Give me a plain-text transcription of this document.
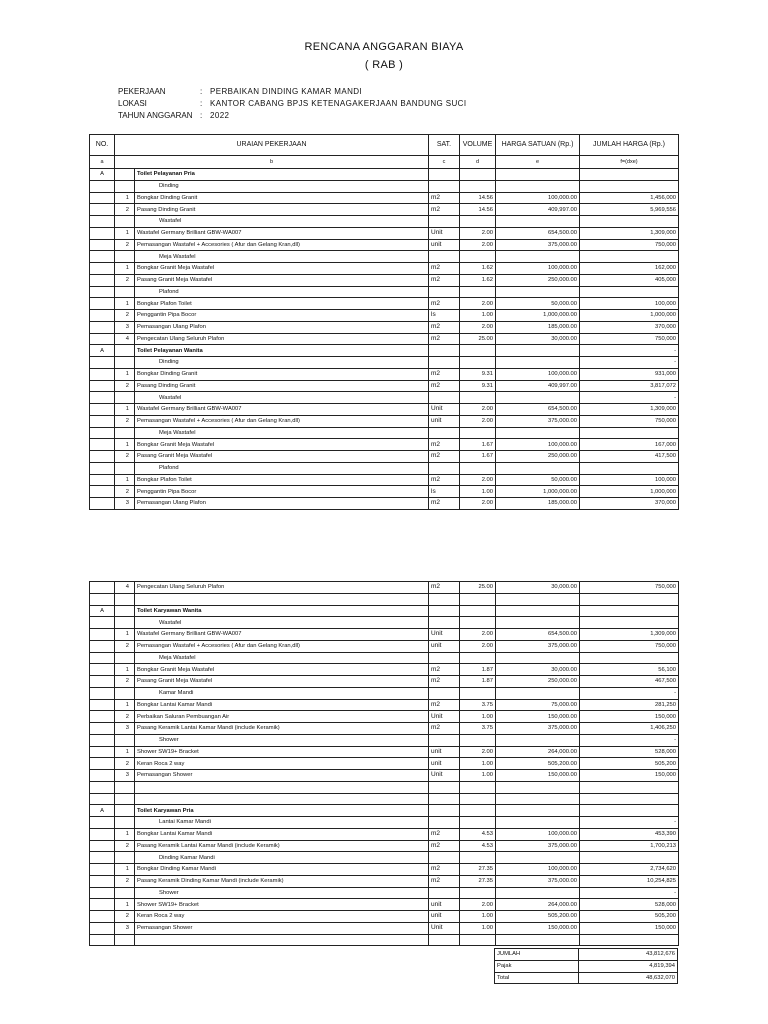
RENCANA ANGGARAN BIAYA
( RAB )
PEKERJAAN	: PERBAIKAN DINDING KAMAR MANDI
LOKASI	: KANTOR CABANG BPJS KETENAGAKERJAAN BANDUNG SUCI
TAHUN ANGGARAN : 2022
NO.	URAIAN PEKERJAAN		SAT.	VOLUME	HARGA SATUAN (Rp.)	JUMLAH HARGA (Rp.)
a	b		c	d	e	f=(dxe)
A		Toilet Pelayanan Pria				
		Dinding				
	1	Bongkar Dinding Granit	m2	14.56	100,000.00	1,456,000
	2	Pasang Dinding Granit	m2	14.56	409,997.00	5,969,556
		Wastafel				
	1	Wastafel Germany Brilliant GBW-WA007	Unit	2.00	654,500.00	1,309,000
	2	Pemasangan Wastafel + Accesories ( Afur dan Gelang Kran,dll)	unit	2.00	375,000.00	750,000
		Meja Wastafel				
	1	Bongkar Granit Meja Wastafel	m2	1.62	100,000.00	162,000
	2	Pasang Granit Meja Wastafel	m2	1.62	250,000.00	405,000
		Plafond				
	1	Bongkar Plafon Toilet	m2	2.00	50,000.00	100,000
	2	Penggantin Pipa Bocor	ls	1.00	1,000,000.00	1,000,000
	3	Pemasangan Ulang Plafon	m2	2.00	185,000.00	370,000
	4	Pengecatan Ulang Seluruh Plafon	m2	25.00	30,000.00	750,000
A		Toilet Pelayanan Wanita				-
		Dinding				-
	1	Bongkar Dinding Granit	m2	9.31	100,000.00	931,000
	2	Pasang Dinding Granit	m2	9.31	409,997.00	3,817,072
		Wastafel				-
	1	Wastafel Germany Brilliant GBW-WA007	Unit	2.00	654,500.00	1,309,000
	2	Pemasangan Wastafel + Accesories ( Afur dan Gelang Kran,dll)	unit	2.00	375,000.00	750,000
		Meja Wastafel				
	1	Bongkar Granit Meja Wastafel	m2	1.67	100,000.00	167,000
	2	Pasang Granit Meja Wastafel	m2	1.67	250,000.00	417,500
		Plafond				
	1	Bongkar Plafon Toilet	m2	2.00	50,000.00	100,000
	2	Penggantin Pipa Bocor	ls	1.00	1,000,000.00	1,000,000
	3	Pemasangan Ulang Plafon	m2	2.00	185,000.00	370,000
	4	Pengecatan Ulang Seluruh Plafon	m2	25.00	30,000.00	750,000

A		Toilet Karyawan Wanita				
		Wastafel				
	1	Wastafel Germany Brilliant GBW-WA007	Unit	2.00	654,500.00	1,309,000
	2	Pemasangan Wastafel + Accesories ( Afur dan Gelang Kran,dll)	unit	2.00	375,000.00	750,000
		Meja Wastafel				
	1	Bongkar Granit Meja Wastafel	m2	1.87	30,000.00	56,100
	2	Pasang Granit Meja Wastafel	m2	1.87	250,000.00	467,500
		Kamar Mandi				-
	1	Bongkar Lantai Kamar Mandi	m2	3.75	75,000.00	281,250
	2	Perbaikan Saluran Pembuangan Air	Unit	1.00	150,000.00	150,000
	3	Pasang Keramik Lantai Kamar Mandi (include Keramik)	m2	3.75	375,000.00	1,406,250
		Shower				-
	1	Shower SW19+ Bracket	unit	2.00	264,000.00	528,000
	2	Keran Roca 2 way	unit	1.00	505,200.00	505,200
	3	Pemasangan Shower	Unit	1.00	150,000.00	150,000

A		Toilet Karyawan Pria				
		Lantai Kamar Mandi				-
	1	Bongkar Lantai Kamar Mandi	m2	4.53	100,000.00	453,390
	2	Pasang Keramik Lantai Kamar Mandi (include Keramik)	m2	4.53	375,000.00	1,700,213
		Dinding Kamar Mandi				
	1	Bongkar Dinding Kamar Mandi	m2	27.35	100,000.00	2,734,620
	2	Pasang Keramik Dinding Kamar Mandi (include Keramik)	m2	27.35	375,000.00	10,254,825
		Shower				-
	1	Shower SW19+ Bracket	unit	2.00	264,000.00	528,000
	2	Keran Roca 2 way	unit	1.00	505,200.00	505,200
	3	Pemasangan Shower	Unit	1.00	150,000.00	150,000

JUMLAH	43,812,676
Pajak	4,819,394
Total	48,632,070
